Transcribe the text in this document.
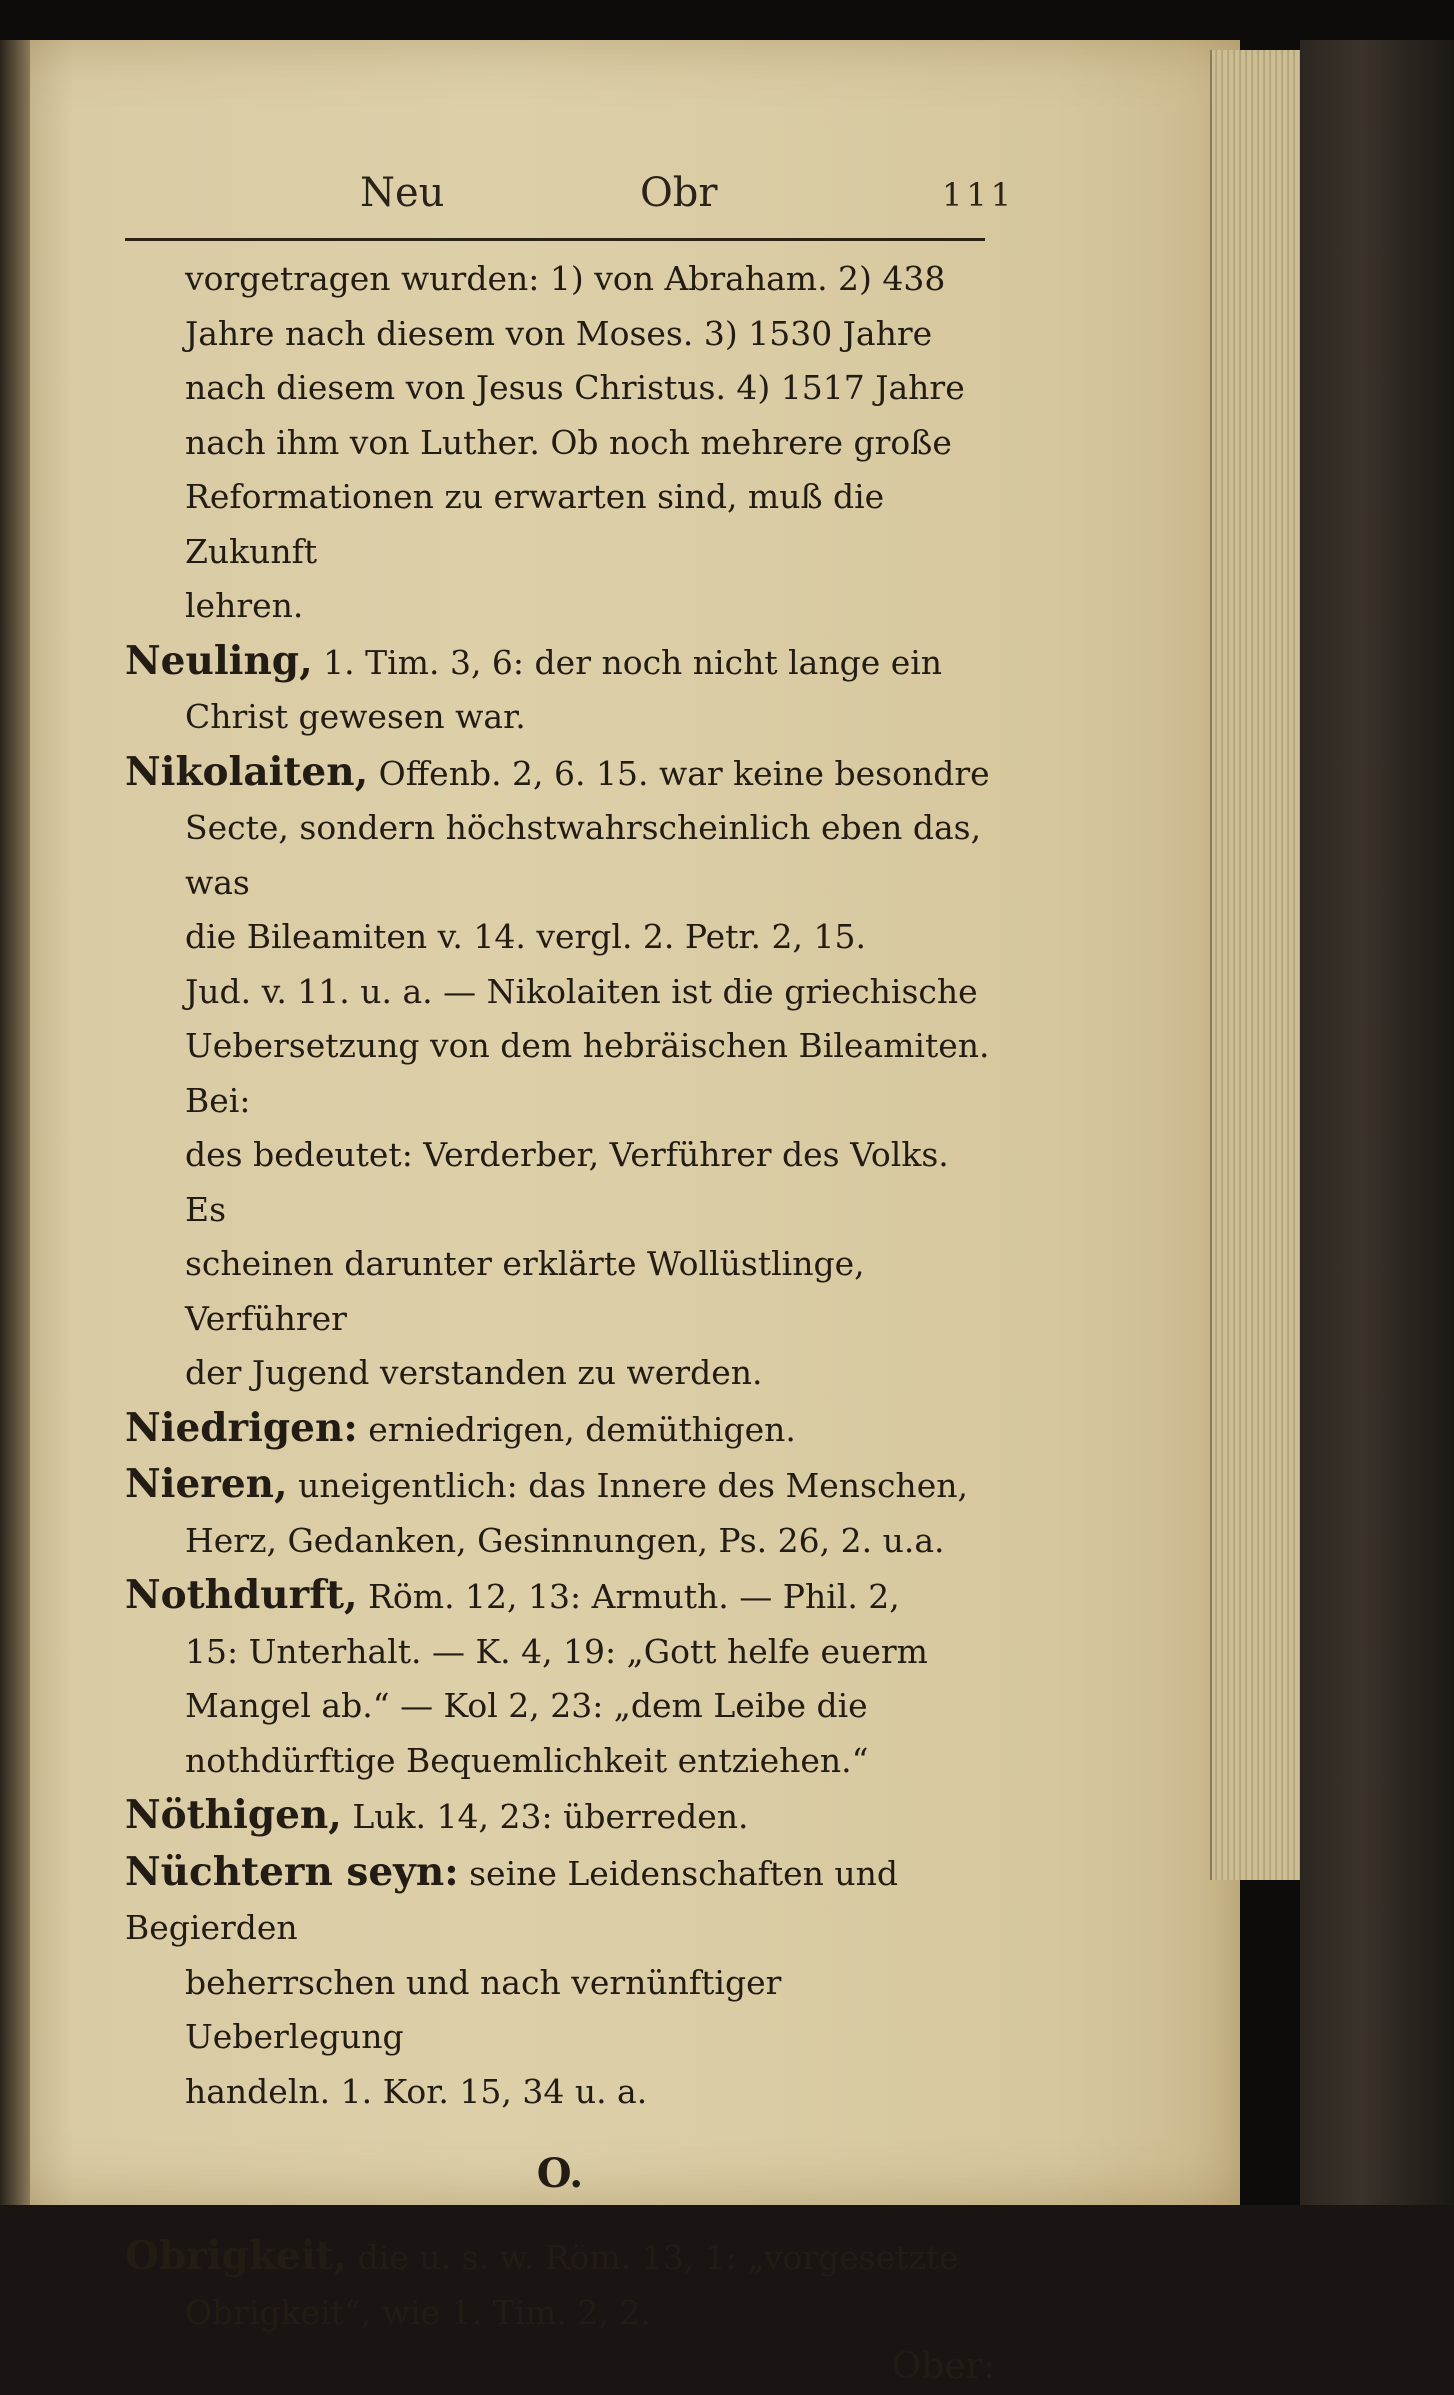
Neu	Obr	111
vorgetragen wurden: 1) von Abraham. 2) 438
Jahre nach diesem von Moses. 3) 1530 Jahre
nach diesem von Jesus Christus. 4) 1517 Jahre
nach ihm von Luther. Ob noch mehrere große
Reformationen zu erwarten sind, muß die Zukunft
lehren.
Neuling, 1. Tim. 3, 6: der noch nicht lange ein
Christ gewesen war.
Nikolaiten, Offenb. 2, 6. 15. war keine besondre
Secte, sondern höchstwahrscheinlich eben das, was
die Bileamiten v. 14. vergl. 2. Petr. 2, 15.
Jud. v. 11. u. a. — Nikolaiten ist die griechische
Uebersetzung von dem hebräischen Bileamiten. Bei:
des bedeutet: Verderber, Verführer des Volks. Es
scheinen darunter erklärte Wollüstlinge, Verführer
der Jugend verstanden zu werden.
Niedrigen: erniedrigen, demüthigen.
Nieren, uneigentlich: das Innere des Menschen,
Herz, Gedanken, Gesinnungen, Ps. 26, 2. u.a.
Nothdurft, Röm. 12, 13: Armuth. — Phil. 2,
15: Unterhalt. — K. 4, 19: „Gott helfe euerm
Mangel ab.“ — Kol 2, 23: „dem Leibe die
nothdürftige Bequemlichkeit entziehen.“
Nöthigen, Luk. 14, 23: überreden.
Nüchtern seyn: seine Leidenschaften und Begierden
beherrschen und nach vernünftiger Ueberlegung
handeln. 1. Kor. 15, 34 u. a.
O.
Obrigkeit, die u. s. w. Röm. 13, 1: „vorgesetzte
Obrigkeit“, wie 1. Tim. 2, 2.
Ober:
